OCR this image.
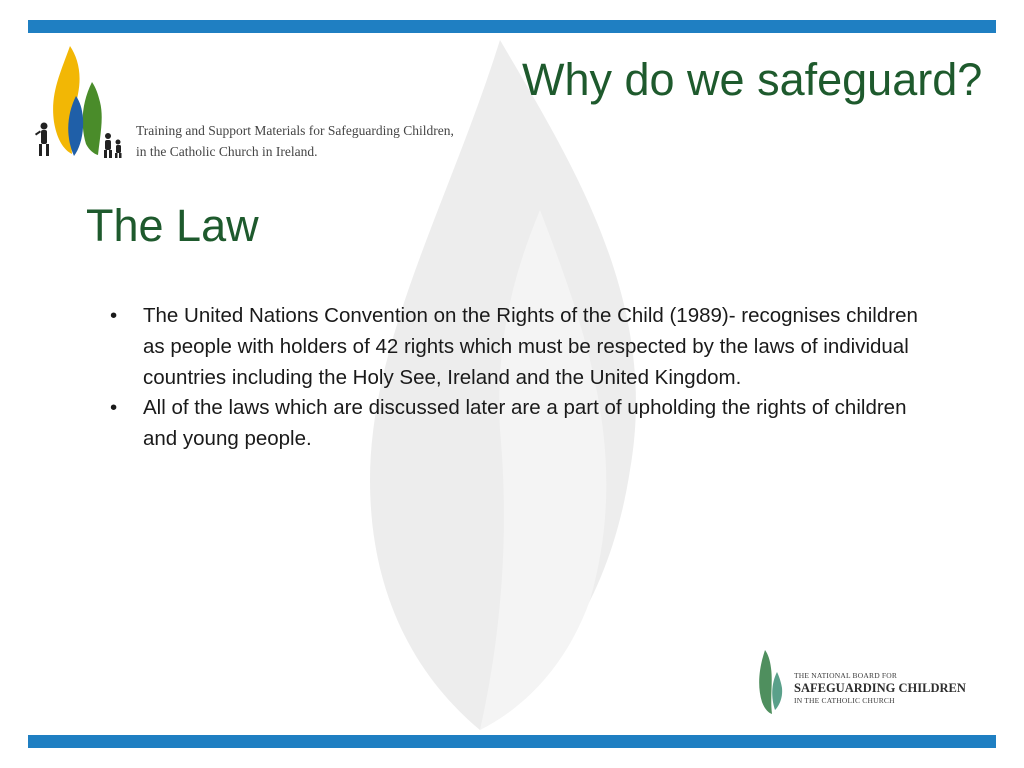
Training and Support Materials for Safeguarding Children,
in the Catholic Church in Ireland.
Why do we safeguard?
The Law
• The United Nations Convention on the Rights of the Child (1989)- recognises children as people with holders of 42 rights which must be respected by the laws of individual countries including the Holy See, Ireland and the United Kingdom.
• All of the laws which are discussed later are a part of upholding the rights of children and young people.
THE NATIONAL BOARD FOR
SAFEGUARDING CHILDREN
IN THE CATHOLIC CHURCH
